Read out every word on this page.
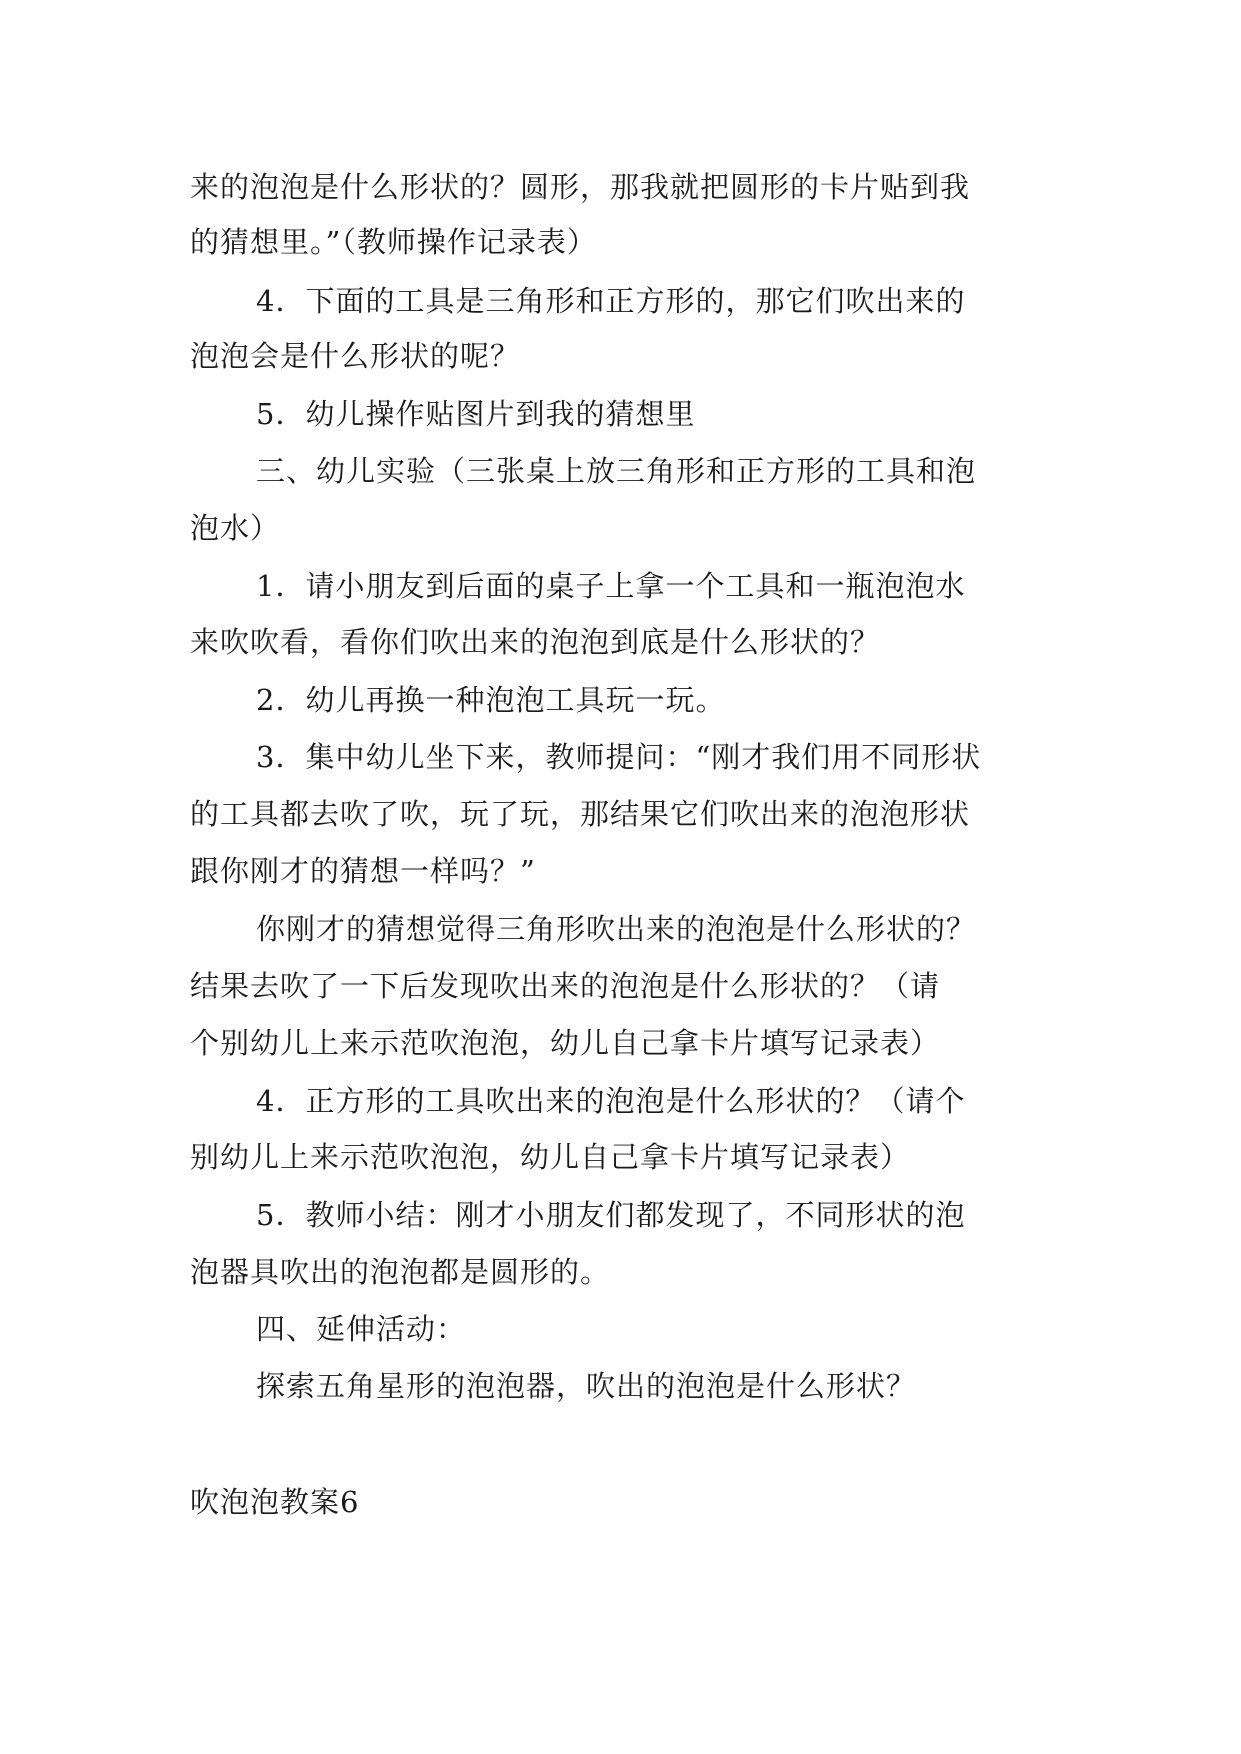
来的泡泡是什么形状的？圆形，那我就把圆形的卡片贴到我
的猜想里。”（教师操作记录表）
4．下面的工具是三角形和正方形的，那它们吹出来的
泡泡会是什么形状的呢？
5．幼儿操作贴图片到我的猜想里
三、幼儿实验（三张桌上放三角形和正方形的工具和泡
泡水）
1．请小朋友到后面的桌子上拿一个工具和一瓶泡泡水
来吹吹看，看你们吹出来的泡泡到底是什么形状的？
2．幼儿再换一种泡泡工具玩一玩。
3．集中幼儿坐下来，教师提问：“刚才我们用不同形状
的工具都去吹了吹，玩了玩，那结果它们吹出来的泡泡形状
跟你刚才的猜想一样吗？”
你刚才的猜想觉得三角形吹出来的泡泡是什么形状的？
结果去吹了一下后发现吹出来的泡泡是什么形状的？（请
个别幼儿上来示范吹泡泡，幼儿自己拿卡片填写记录表）
4．正方形的工具吹出来的泡泡是什么形状的？（请个
别幼儿上来示范吹泡泡，幼儿自己拿卡片填写记录表）
5．教师小结：刚才小朋友们都发现了，不同形状的泡
泡器具吹出的泡泡都是圆形的。
四、延伸活动：
探索五角星形的泡泡器，吹出的泡泡是什么形状？
吹泡泡教案6
